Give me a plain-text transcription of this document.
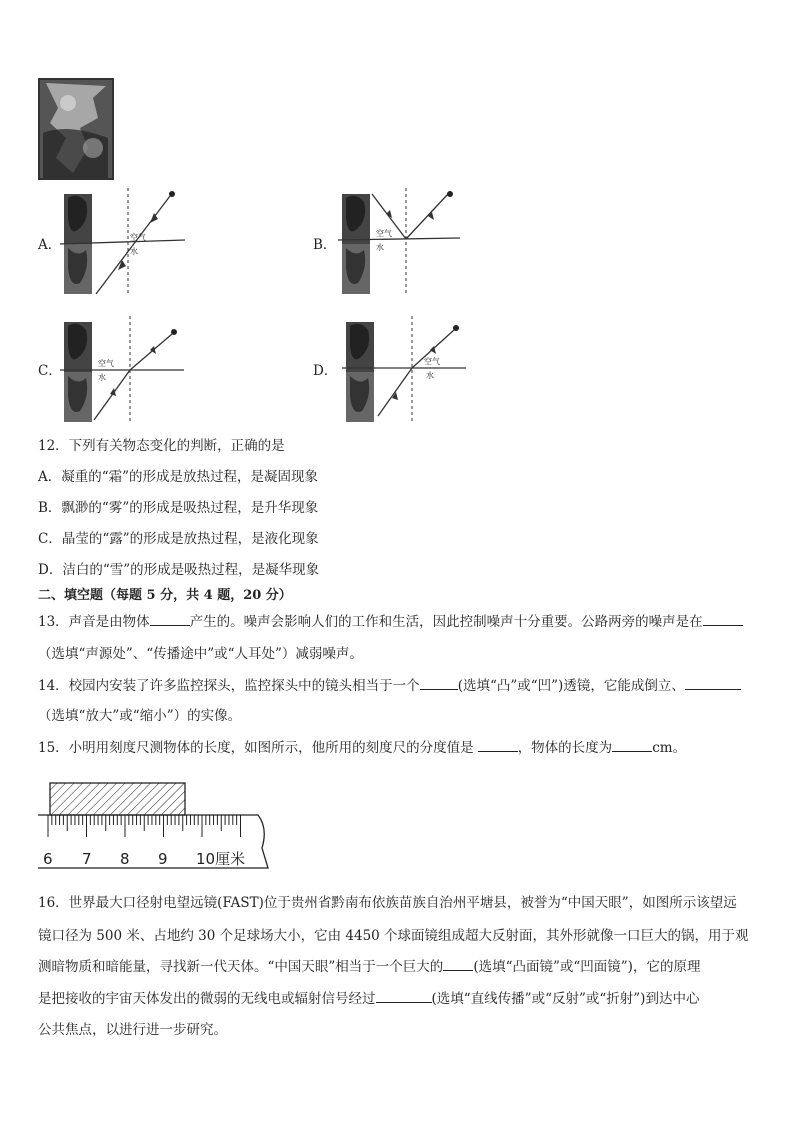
A．	空气
水	B．
空气
水
C．	空气
水	D．
空气
水
12．下列有关物态变化的判断，正确的是
A．凝重的“霜”的形成是放热过程，是凝固现象
B．飘渺的“雾”的形成是吸热过程，是升华现象
C．晶莹的“露”的形成是放热过程，是液化现象
D．洁白的“雪”的形成是吸热过程，是凝华现象
二、填空题（每题 5 分，共 4 题，20 分）
13．声音是由物体	产生的。噪声会影响人们的工作和生活，因此控制噪声十分重要。公路两旁的噪声是在
（选填“声源处”、“传播途中”或“人耳处”）减弱噪声。
14．校园内安装了许多监控探头，监控探头中的镜头相当于一个	(选填“凸”或“凹”)透镜，它能成倒立、
（选填“放大”或“缩小”）的实像。
15．小明用刻度尺测物体的长度，如图所示，他所用的刻度尺的分度值是	，物体的长度为	cm。
6 7 8 9 10厘米
16．世界最大口径射电望远镜(FAST)位于贵州省黔南布依族苗族自治州平塘县，被誉为“中国天眼”，如图所示该望远
镜口径为 500 米、占地约 30 个足球场大小，它由 4450 个球面镜组成超大反射面，其外形就像一口巨大的锅，用于观
测暗物质和暗能量，寻找新一代天体。“中国天眼”相当于一个巨大的 (选填“凸面镜”或“凹面镜”)，它的原理
是把接收的宇宙天体发出的微弱的无线电或辐射信号经过	(选填“直线传播”或“反射”或“折射”)到达中心
公共焦点，以进行进一步研究。
